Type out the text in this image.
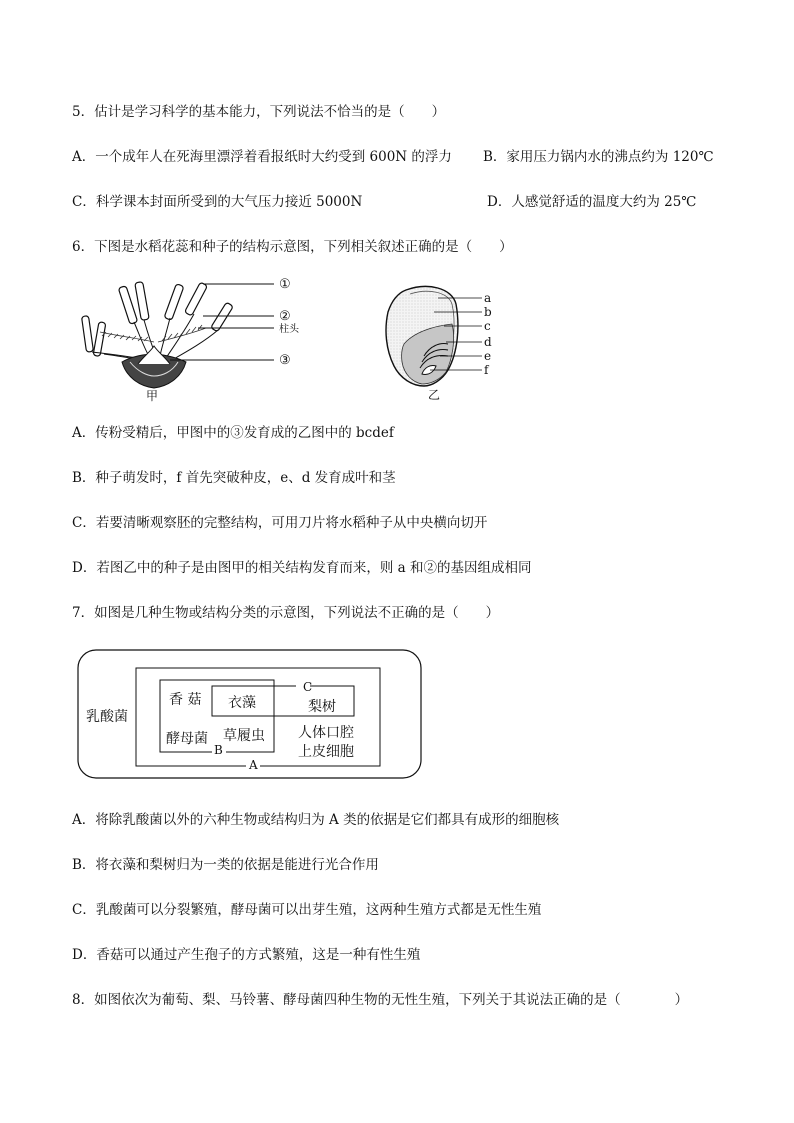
5．估计是学习科学的基本能力，下列说法不恰当的是（　　）
A．一个成年人在死海里漂浮着看报纸时大约受到 600N 的浮力 B．家用压力锅内水的沸点约为 120℃
C．科学课本封面所受到的大气压力接近 5000N	D．人感觉舒适的温度大约为 25℃
6．下图是水稻花蕊和种子的结构示意图，下列相关叙述正确的是（　　）
①
②
柱头
③
甲
a
b
c
d
e
f
乙
A．传粉受精后，甲图中的③发育成的乙图中的 bcdef
B．种子萌发时，f 首先突破种皮，e、d 发育成叶和茎
C．若要清晰观察胚的完整结构，可用刀片将水稻种子从中央横向切开
D．若图乙中的种子是由图甲的相关结构发育而来，则 a 和②的基因组成相同
7．如图是几种生物或结构分类的示意图，下列说法不正确的是（　　）
乳酸菌
香 菇
酵母菌
衣藻
草履虫
梨树
人体口腔
上皮细胞
C
B
A
A．将除乳酸菌以外的六种生物或结构归为 A 类的依据是它们都具有成形的细胞核
B．将衣藻和梨树归为一类的依据是能进行光合作用
C．乳酸菌可以分裂繁殖，酵母菌可以出芽生殖，这两种生殖方式都是无性生殖
D．香菇可以通过产生孢子的方式繁殖，这是一种有性生殖
8．如图依次为葡萄、梨、马铃薯、酵母菌四种生物的无性生殖，下列关于其说法正确的是（　　　　）
